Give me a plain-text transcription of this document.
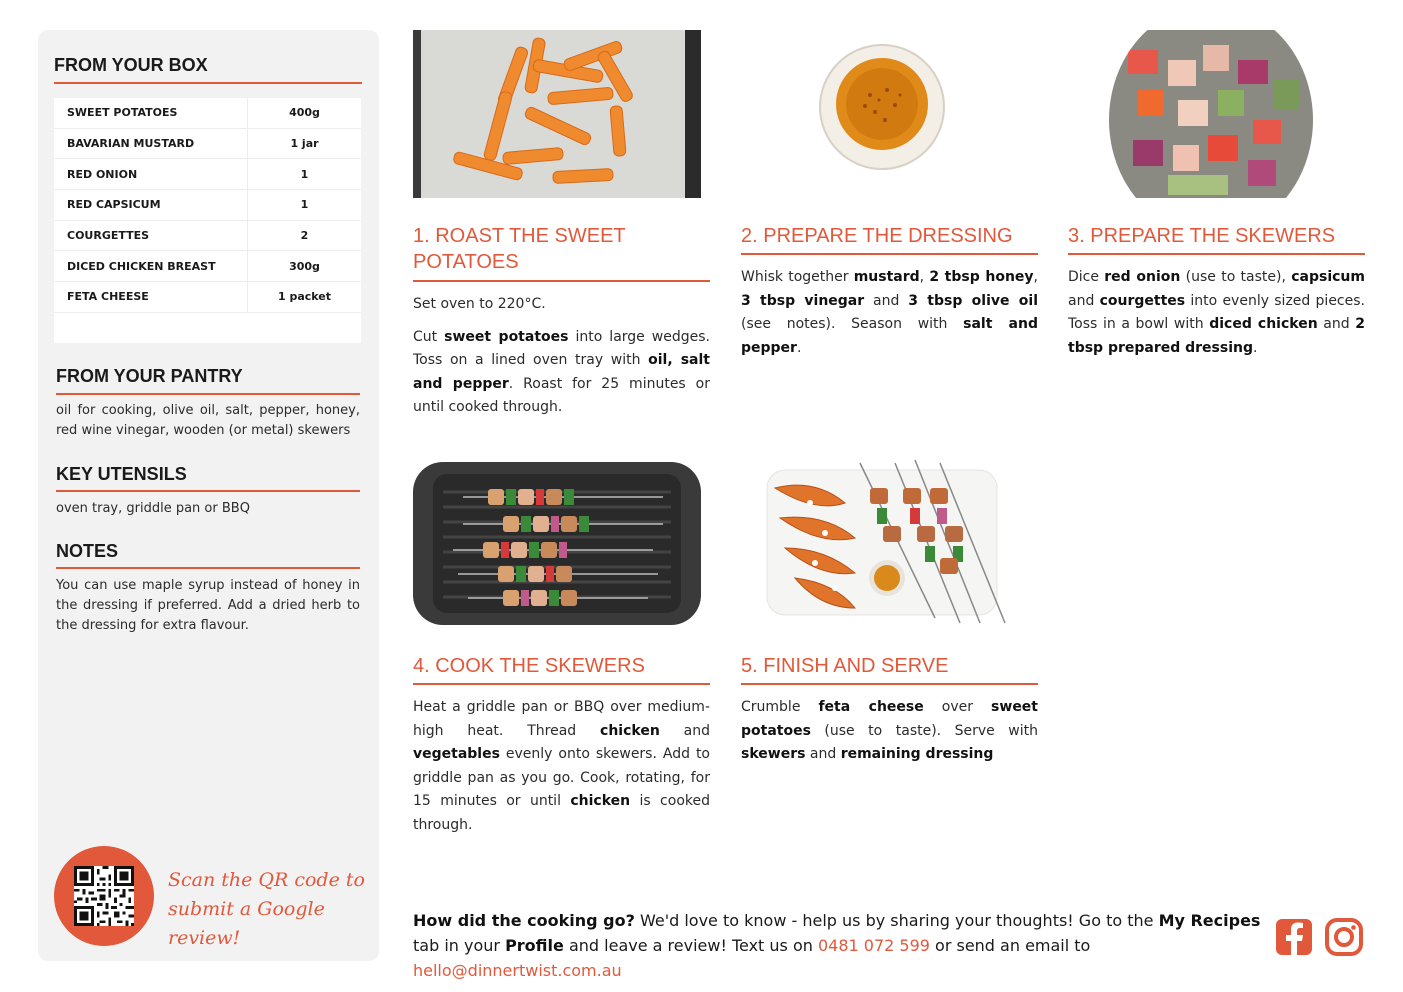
FROM YOUR BOX
SWEET POTATOES	400g
BAVARIAN MUSTARD	1 jar
RED ONION	1
RED CAPSICUM	1
COURGETTES	2
DICED CHICKEN BREAST	300g
FETA CHEESE	1 packet
FROM YOUR PANTRY
oil for cooking, olive oil, salt, pepper, honey, red wine vinegar, wooden (or metal) skewers
KEY UTENSILS
oven tray, griddle pan or BBQ
NOTES
You can use maple syrup instead of honey in the dressing if preferred. Add a dried herb to the dressing for extra flavour.
Scan the QR code to
submit a Google review!
1. ROAST THE SWEET
POTATOES

Set oven to 220°C.

Cut sweet potatoes into large wedges. Toss on a lined oven tray with oil, salt and pepper. Roast for 25 minutes or until cooked through.

2. PREPARE THE DRESSING

Whisk together mustard, 2 tbsp honey, 3 tbsp vinegar and 3 tbsp olive oil (see notes). Season with salt and pepper.

3. PREPARE THE SKEWERS

Dice red onion (use to taste), capsicum and courgettes into evenly sized pieces. Toss in a bowl with diced chicken and 2 tbsp prepared dressing.

4. COOK THE SKEWERS

Heat a griddle pan or BBQ over medium-high heat. Thread chicken and vegetables evenly onto skewers. Add to griddle pan as you go. Cook, rotating, for 15 minutes or until chicken is cooked through.

5. FINISH AND SERVE

Crumble feta cheese over sweet potatoes (use to taste). Serve with skewers and remaining dressing

How did the cooking go? We'd love to know - help us by sharing your thoughts! Go to the My Recipes tab in your Profile and leave a review! Text us on 0481 072 599 or send an email to hello@dinnertwist.com.au
